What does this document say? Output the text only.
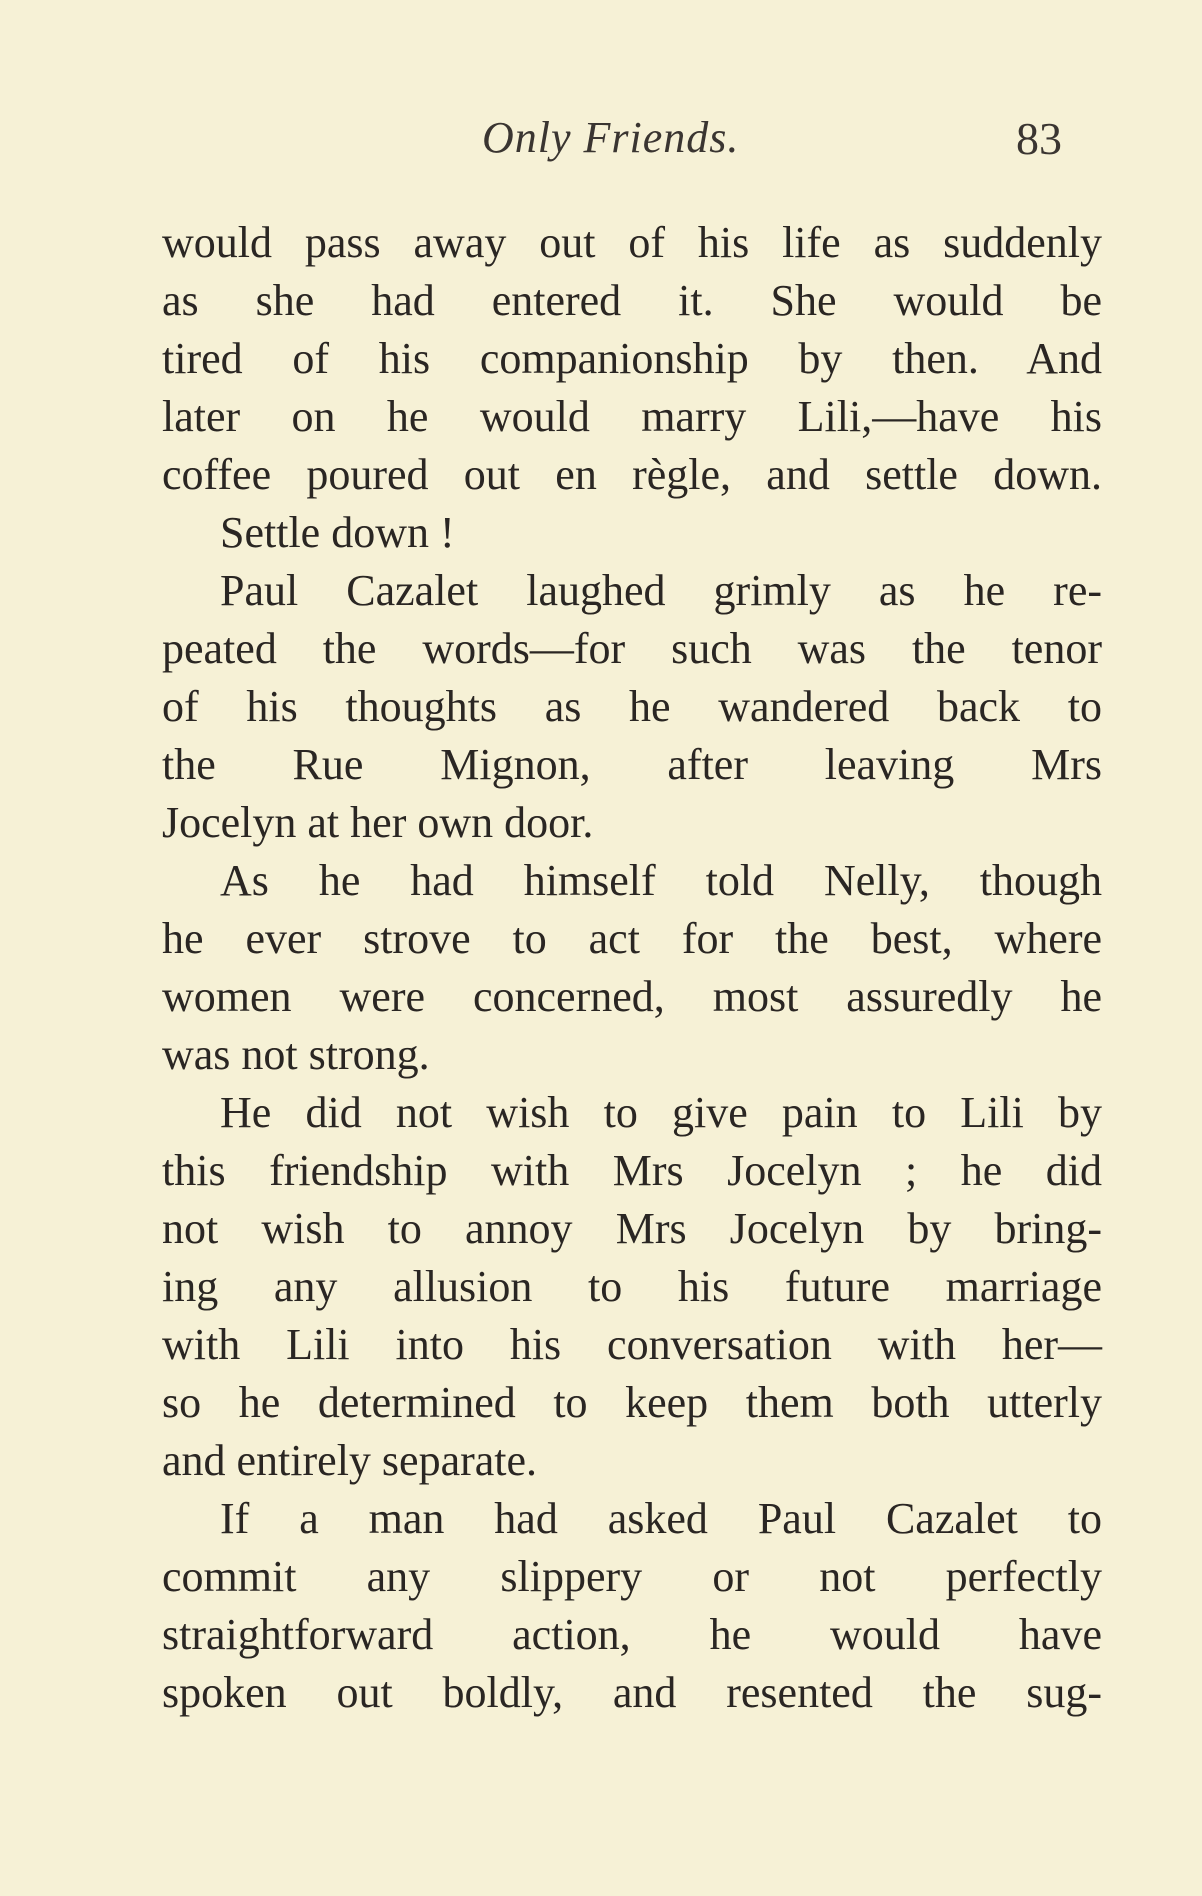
Only Friends.	83
would pass away out of his life as suddenly
as she had entered it. She would be
tired of his companionship by then. And
later on he would marry Lili,—have his
coffee poured out en règle, and settle down.
Settle down !
Paul Cazalet laughed grimly as he re-
peated the words—for such was the tenor
of his thoughts as he wandered back to
the Rue Mignon, after leaving Mrs
Jocelyn at her own door.
As he had himself told Nelly, though
he ever strove to act for the best, where
women were concerned, most assuredly he
was not strong.
He did not wish to give pain to Lili by
this friendship with Mrs Jocelyn ; he did
not wish to annoy Mrs Jocelyn by bring-
ing any allusion to his future marriage
with Lili into his conversation with her—
so he determined to keep them both utterly
and entirely separate.
If a man had asked Paul Cazalet to
commit any slippery or not perfectly
straightforward action, he would have
spoken out boldly, and resented the sug-
